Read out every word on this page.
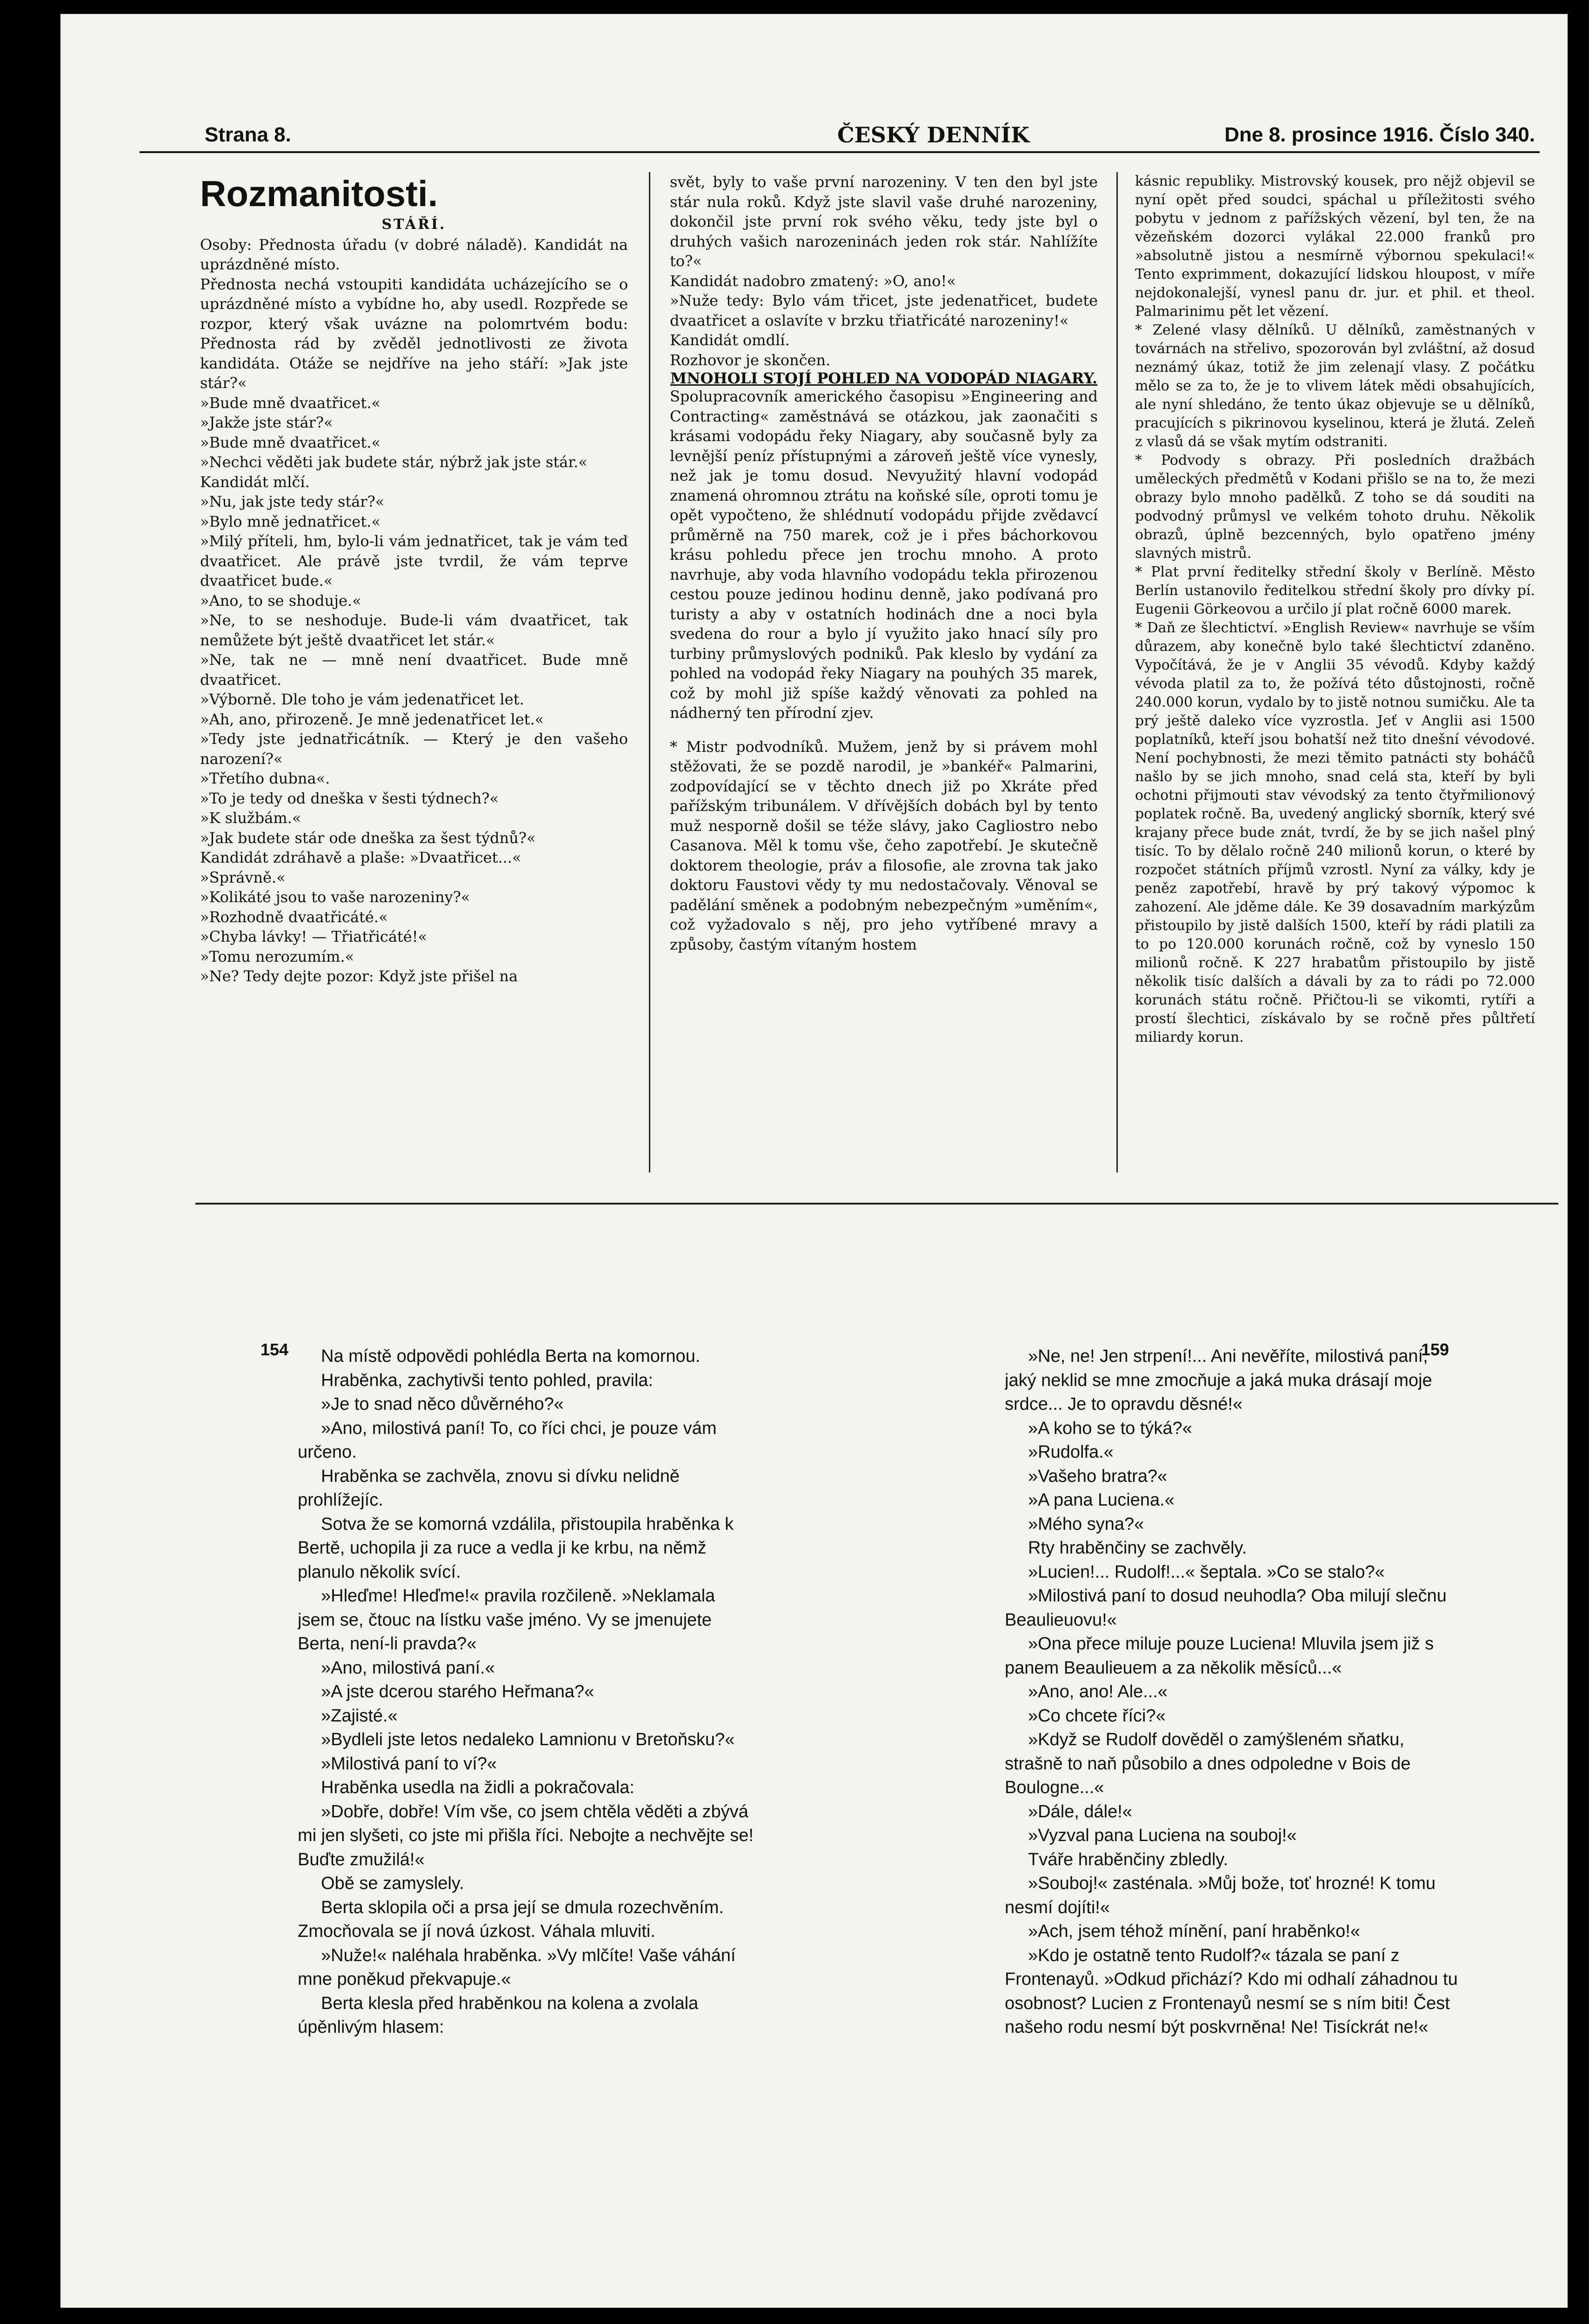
Strana 8.	ČESKÝ DENNÍK	Dne 8. prosince 1916. Číslo 340.
Rozmanitosti.

STÁŘÍ.

Osoby: Přednosta úřadu (v dobré náladě). Kandidát na uprázdněné místo.

Přednosta nechá vstoupiti kandidáta ucházejícího se o uprázdněné místo a vybídne ho, aby usedl. Rozpřede se rozpor, který však uvázne na polomrtvém bodu: Přednosta rád by zvěděl jednotlivosti ze života kandidáta. Otáže se nejdříve na jeho stáří: »Jak jste stár?«

»Bude mně dvaatřicet.«

»Jakže jste stár?«

»Bude mně dvaatřicet.«

»Nechci věděti jak budete stár, nýbrž jak jste stár.«

Kandidát mlčí.

»Nu, jak jste tedy stár?«

»Bylo mně jednatřicet.«

»Milý příteli, hm, bylo-li vám jednatřicet, tak je vám teď dvaatřicet. Ale právě jste tvrdil, že vám teprve dvaatřicet bude.«

»Ano, to se shoduje.«

»Ne, to se neshoduje. Bude-li vám dvaatřicet, tak nemůžete být ještě dvaatřicet let stár.«

»Ne, tak ne — mně není dvaatřicet. Bude mně dvaatřicet.

»Výborně. Dle toho je vám jedenatřicet let.

»Ah, ano, přirozeně. Je mně jedenatřicet let.«

»Tedy jste jednatřicátník. — Který je den vašeho narození?«

»Třetího dubna«.

»To je tedy od dneška v šesti týdnech?«

»K službám.«

»Jak budete stár ode dneška za šest týdnů?«

Kandidát zdráhavě a plaše: »Dvaatřicet...«

»Správně.«

»Kolikáté jsou to vaše narozeniny?«

»Rozhodně dvaatřicáté.«

»Chyba lávky! — Třiatřicáté!«

»Tomu nerozumím.«

»Ne? Tedy dejte pozor: Když jste přišel na

svět, byly to vaše první narozeniny. V ten den byl jste stár nula roků. Když jste slavil vaše druhé narozeniny, dokončil jste první rok svého věku, tedy jste byl o druhých vašich narozeninách jeden rok stár. Nahlížíte to?«

Kandidát nadobro zmatený: »O, ano!«

»Nuže tedy: Bylo vám třicet, jste jedenatřicet, budete dvaatřicet a oslavíte v brzku třiatřicáté narozeniny!«

Kandidát omdlí.

Rozhovor je skončen.

MNOHOLI STOJÍ POHLED NA VODOPÁD NIAGARY.

Spolupracovník amerického časopisu »Engineering and Contracting« zaměstnává se otázkou, jak zaonačiti s krásami vodopádu řeky Niagary, aby současně byly za levnější peníz přístupnými a zároveň ještě více vynesly, než jak je tomu dosud. Nevyužitý hlavní vodopád znamená ohromnou ztrátu na koňské síle, oproti tomu je opět vypočteno, že shlédnutí vodopádu přijde zvědavcí průměrně na 750 marek, což je i přes báchorkovou krásu pohledu přece jen trochu mnoho. A proto navrhuje, aby voda hlavního vodopádu tekla přirozenou cestou pouze jedinou hodinu denně, jako podívaná pro turisty a aby v ostatních hodinách dne a noci byla svedena do rour a bylo jí využito jako hnací síly pro turbiny průmyslových podniků. Pak kleslo by vydání za pohled na vodopád řeky Niagary na pouhých 35 marek, což by mohl již spíše každý věnovati za pohled na nádherný ten přírodní zjev.

* Mistr podvodníků. Mužem, jenž by si právem mohl stěžovati, že se pozdě narodil, je »bankéř« Palmarini, zodpovídající se v těchto dnech již po Xkráte před pařížským tribunálem. V dřívějších dobách byl by tento muž nesporně došil se téže slávy, jako Cagliostro nebo Casanova. Měl k tomu vše, čeho zapotřebí. Je skutečně doktorem theologie, práv a filosofie, ale zrovna tak jako doktoru Faustovi vědy ty mu nedostačovaly. Věnoval se padělání směnek a podobným nebezpečným »uměním«, což vyžadovalo s něj, pro jeho vytříbené mravy a způsoby, častým vítaným hostem

kásnic republiky. Mistrovský kousek, pro nějž objevil se nyní opět před soudci, spáchal u příležitosti svého pobytu v jednom z pařížských vězení, byl ten, že na vězeňském dozorci vylákal 22.000 franků pro »absolutně jistou a nesmírně výbornou spekulaci!« Tento exprimment, dokazující lidskou hloupost, v míře nejdokonalejší, vynesl panu dr. jur. et phil. et theol. Palmarinimu pět let vězení.

* Zelené vlasy dělníků. U dělníků, zaměstnaných v továrnách na střelivo, spozorován byl zvláštní, až dosud neznámý úkaz, totiž že jim zelenají vlasy. Z počátku mělo se za to, že je to vlivem látek mědi obsahujících, ale nyní shledáno, že tento úkaz objevuje se u dělníků, pracujících s pikrinovou kyselinou, která je žlutá. Zeleň z vlasů dá se však mytím odstraniti.

* Podvody s obrazy. Při posledních dražbách uměleckých předmětů v Kodani přišlo se na to, že mezi obrazy bylo mnoho padělků. Z toho se dá souditi na podvodný průmysl ve velkém tohoto druhu. Několik obrazů, úplně bezcenných, bylo opatřeno jmény slavných mistrů.

* Plat první ředitelky střední školy v Berlíně. Město Berlín ustanovilo ředitelkou střední školy pro dívky pí. Eugenii Görkeovou a určilo jí plat ročně 6000 marek.

* Daň ze šlechtictví. »English Review« navrhuje se vším důrazem, aby konečně bylo také šlechtictví zdaněno. Vypočítává, že je v Anglii 35 vévodů. Kdyby každý vévoda platil za to, že požívá této důstojnosti, ročně 240.000 korun, vydalo by to jistě notnou sumičku. Ale ta prý ještě daleko více vyzrostla. Jeť v Anglii asi 1500 poplatníků, kteří jsou bohatší než tito dnešní vévodové. Není pochybnosti, že mezi těmito patnácti sty boháčů našlo by se jich mnoho, snad celá sta, kteří by byli ochotni přijmouti stav vévodský za tento čtyřmilionový poplatek ročně. Ba, uvedený anglický sborník, který své krajany přece bude znát, tvrdí, že by se jich našel plný tisíc. To by dělalo ročně 240 milionů korun, o které by rozpočet státních příjmů vzrostl. Nyní za války, kdy je peněz zapotřebí, hravě by prý takový výpomoc k zahození. Ale jděme dále. Ke 39 dosavadním markýzům přistoupilo by jistě dalších 1500, kteří by rádi platili za to po 120.000 korunách ročně, což by vyneslo 150 milionů ročně. K 227 hrabatům přistoupilo by jistě několik tisíc dalších a dávali by za to rádi po 72.000 korunách státu ročně. Přičtou-li se vikomti, rytíři a prostí šlechtici, získávalo by se ročně přes půltřetí miliardy korun.

154	159

Na místě odpovědi pohlédla Berta na komornou.

Hraběnka, zachytivši tento pohled, pravila:

»Je to snad něco důvěrného?«

»Ano, milostivá paní! To, co říci chci, je pouze vám určeno.

Hraběnka se zachvěla, znovu si dívku nelidně prohlížejíc.

Sotva že se komorná vzdálila, přistoupila hraběnka k Bertě, uchopila ji za ruce a vedla ji ke krbu, na němž planulo několik svící.

»Hleďme! Hleďme!« pravila rozčileně. »Neklamala jsem se, čtouc na lístku vaše jméno. Vy se jmenujete Berta, není-li pravda?«

»Ano, milostivá paní.«

»A jste dcerou starého Heřmana?«

»Zajisté.«

»Bydleli jste letos nedaleko Lamnionu v Bretoňsku?«

»Milostivá paní to ví?«

Hraběnka usedla na židli a pokračovala:

»Dobře, dobře! Vím vše, co jsem chtěla věděti a zbývá mi jen slyšeti, co jste mi přišla říci. Nebojte a nechvějte se! Buďte zmužilá!«

Obě se zamyslely.

Berta sklopila oči a prsa její se dmula rozechvěním. Zmocňovala se jí nová úzkost. Váhala mluviti.

»Nuže!« naléhala hraběnka. »Vy mlčíte! Vaše váhání mne poněkud překvapuje.«

Berta klesla před hraběnkou na kolena a zvolala úpěnlivým hlasem:

»Ne, ne! Jen strpení!... Ani nevěříte, milostivá paní, jaký neklid se mne zmocňuje a jaká muka drásají moje srdce... Je to opravdu děsné!«

»A koho se to týká?«

»Rudolfa.«

»Vašeho bratra?«

»A pana Luciena.«

»Mého syna?«

Rty hraběnčiny se zachvěly.

»Lucien!... Rudolf!...« šeptala. »Co se stalo?«

»Milostivá paní to dosud neuhodla? Oba milují slečnu Beaulieuovu!«

»Ona přece miluje pouze Luciena! Mluvila jsem již s panem Beaulieuem a za několik měsíců...«

»Ano, ano! Ale...«

»Co chcete říci?«

»Když se Rudolf dověděl o zamýšleném sňatku, strašně to naň působilo a dnes odpoledne v Bois de Boulogne...«

»Dále, dále!«

»Vyzval pana Luciena na souboj!«

Tváře hraběnčiny zbledly.

»Souboj!« zasténala. »Můj bože, toť hrozné! K tomu nesmí dojíti!«

»Ach, jsem téhož mínění, paní hraběnko!«

»Kdo je ostatně tento Rudolf?« tázala se paní z Frontenayů. »Odkud přichází? Kdo mi odhalí záhadnou tu osobnost? Lucien z Frontenayů nesmí se s ním biti! Čest našeho rodu nesmí být poskvrněna! Ne! Tisíckrát ne!«
